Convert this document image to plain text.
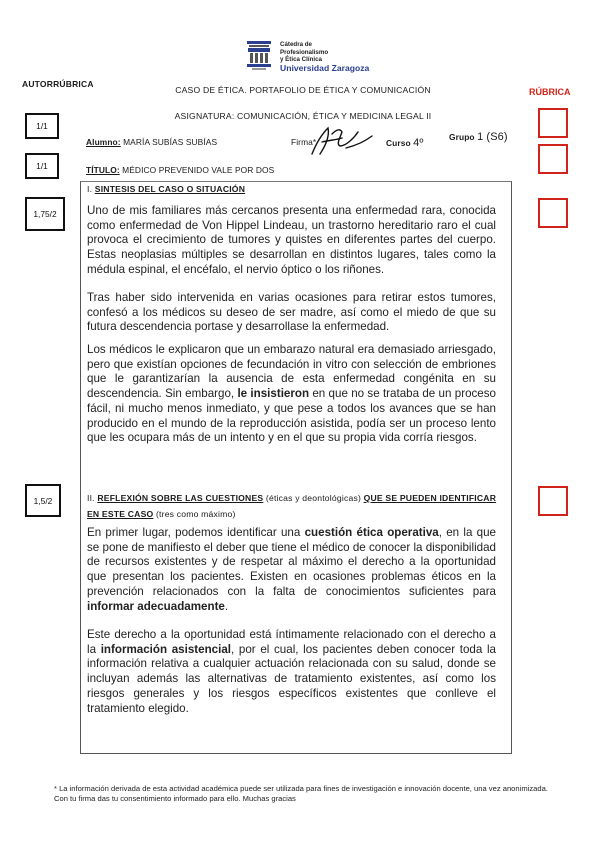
Cátedra de
Profesionalismo
y Ética Clínica
Universidad Zaragoza
AUTORRÚBRICA
RÚBRICA
CASO DE ÉTICA. PORTAFOLIO DE ÉTICA Y COMUNICACIÓN
ASIGNATURA: COMUNICACIÓN, ÉTICA Y MEDICINA LEGAL II
1/1
1/1
1,75/2
1,5/2
Alumno: MARÍA SUBÍAS SUBÍAS	Firma*	Curso 4º	Grupo 1 (S6)
TÍTULO: MÉDICO PREVENIDO VALE POR DOS
I. SINTESIS DEL CASO O SITUACIÓN
Uno de mis familiares más cercanos presenta una enfermedad rara, conocida como enfermedad de Von Hippel Lindeau, un trastorno hereditario raro el cual provoca el crecimiento de tumores y quistes en diferentes partes del cuerpo. Estas neoplasias múltiples se desarrollan en distintos lugares, tales como la médula espinal, el encéfalo, el nervio óptico o los riñones.
Tras haber sido intervenida en varias ocasiones para retirar estos tumores, confesó a los médicos su deseo de ser madre, así como el miedo de que su futura descendencia portase y desarrollase la enfermedad.
Los médicos le explicaron que un embarazo natural era demasiado arriesgado, pero que existían opciones de fecundación in vitro con selección de embriones que le garantizarían la ausencia de esta enfermedad congénita en su descendencia. Sin embargo, le insistieron en que no se trataba de un proceso fácil, ni mucho menos inmediato, y que pese a todos los avances que se han producido en el mundo de la reproducción asistida, podía ser un proceso lento que les ocupara más de un intento y en el que su propia vida corría riesgos.
II. REFLEXIÓN SOBRE LAS CUESTIONES (éticas y deontológicas) QUE SE PUEDEN IDENTIFICAR EN ESTE CASO (tres como máximo)
En primer lugar, podemos identificar una cuestión ética operativa, en la que se pone de manifiesto el deber que tiene el médico de conocer la disponibilidad de recursos existentes y de respetar al máximo el derecho a la oportunidad que presentan los pacientes. Existen en ocasiones problemas éticos en la prevención relacionados con la falta de conocimientos suficientes para informar adecuadamente.
Este derecho a la oportunidad está íntimamente relacionado con el derecho a la información asistencial, por el cual, los pacientes deben conocer toda la información relativa a cualquier actuación relacionada con su salud, donde se incluyan además las alternativas de tratamiento existentes, así como los riesgos generales y los riesgos específicos existentes que conlleve el tratamiento elegido.
* La información derivada de esta actividad académica puede ser utilizada para fines de investigación e innovación docente, una vez anonimizada. Con tu firma das tu consentimiento informado para ello. Muchas gracias
